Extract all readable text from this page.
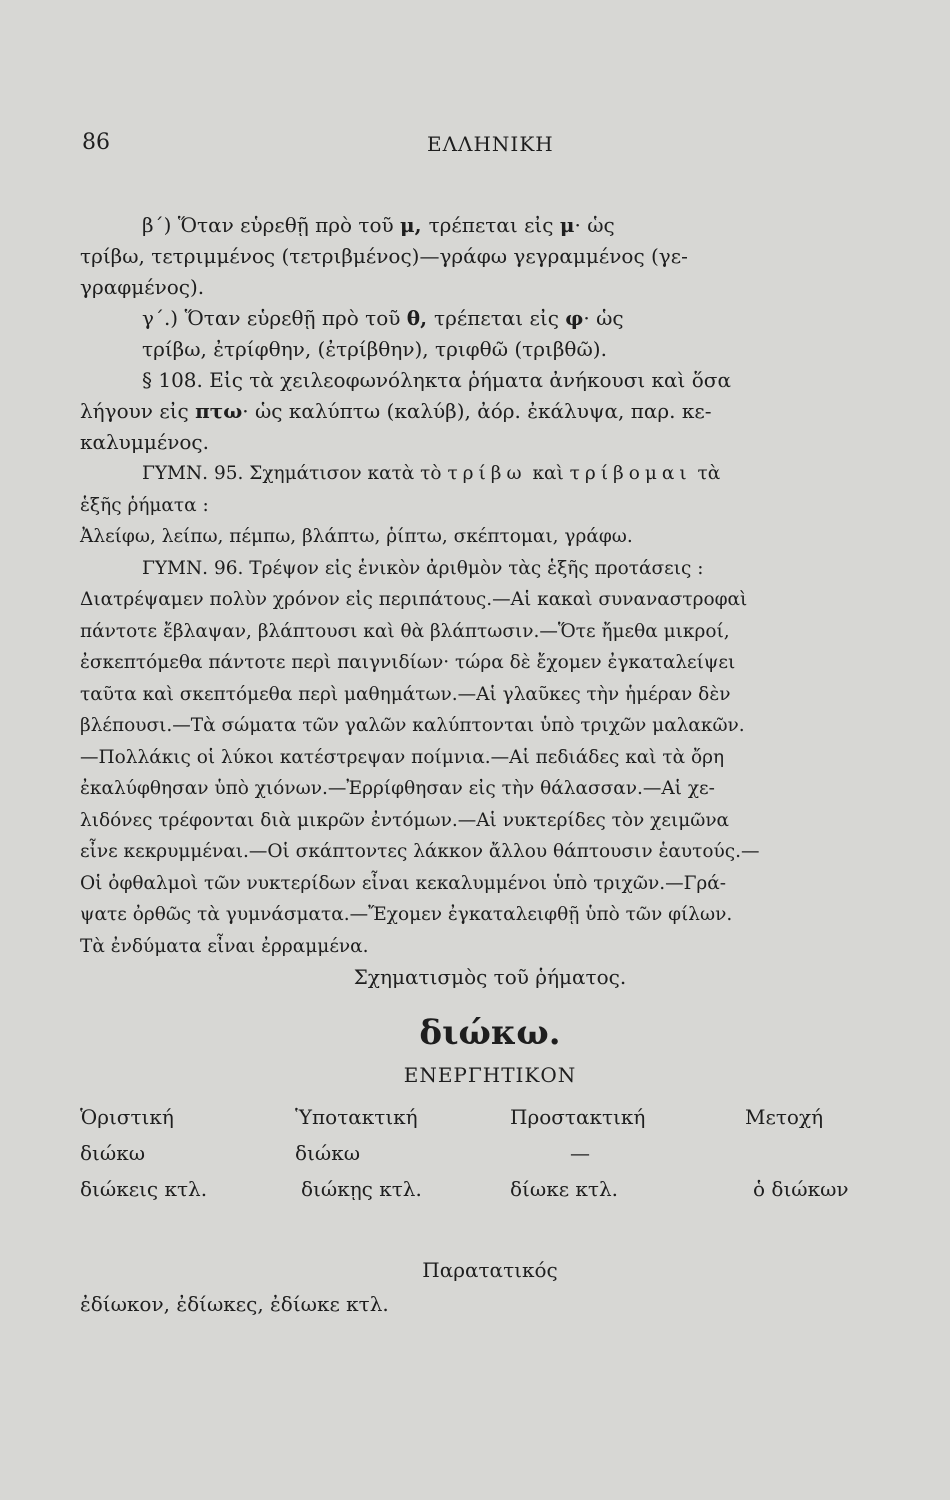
86	ΕΛΛΗΝΙΚΗ

β΄) Ὅταν εὑρεθῇ πρὸ τοῦ μ, τρέπεται εἰς μ· ὡς

τρίβω, τετριμμένος (τετριβμένος)—γράφω γεγραμμένος (γε-

γραφμένος).

γ΄.) Ὅταν εὑρεθῇ πρὸ τοῦ θ, τρέπεται εἰς φ· ὡς

τρίβω, ἐτρίφθην, (ἐτρίβθην), τριφθῶ (τριβθῶ).

§ 108. Εἰς τὰ χειλεοφωνόληκτα ῥήματα ἀνήκουσι καὶ ὅσα

λήγουν εἰς πτω· ὡς καλύπτω (καλύβ), ἀόρ. ἐκάλυψα, παρ. κε-

καλυμμένος.

ΓΥΜΝ. 95. Σχημάτισον κατὰ τὸ τρίβω καὶ τρίβομαι τὰ

ἑξῆς ῥήματα :

Ἀλείφω, λείπω, πέμπω, βλάπτω, ῥίπτω, σκέπτομαι, γράφω.

ΓΥΜΝ. 96. Τρέψον εἰς ἑνικὸν ἀριθμὸν τὰς ἑξῆς προτάσεις :

Διατρέψαμεν πολὺν χρόνον εἰς περιπάτους.—Αἱ κακαὶ συναναστροφαὶ

πάντοτε ἔβλαψαν, βλάπτουσι καὶ θὰ βλάπτωσιν.—Ὅτε ἤμεθα μικροί,

ἐσκεπτόμεθα πάντοτε περὶ παιγνιδίων· τώρα δὲ ἔχομεν ἐγκαταλείψει

ταῦτα καὶ σκεπτόμεθα περὶ μαθημάτων.—Αἱ γλαῦκες τὴν ἡμέραν δὲν

βλέπουσι.—Τὰ σώματα τῶν γαλῶν καλύπτονται ὑπὸ τριχῶν μαλακῶν.

—Πολλάκις οἱ λύκοι κατέστρεψαν ποίμνια.—Αἱ πεδιάδες καὶ τὰ ὄρη

ἐκαλύφθησαν ὑπὸ χιόνων.—Ἐρρίφθησαν εἰς τὴν θάλασσαν.—Αἱ χε-

λιδόνες τρέφονται διὰ μικρῶν ἐντόμων.—Αἱ νυκτερίδες τὸν χειμῶνα

εἶνε κεκρυμμέναι.—Οἱ σκάπτοντες λάκκον ἄλλου θάπτουσιν ἑαυτούς.—

Οἱ ὀφθαλμοὶ τῶν νυκτερίδων εἶναι κεκαλυμμένοι ὑπὸ τριχῶν.—Γρά-

ψατε ὀρθῶς τὰ γυμνάσματα.—Ἔχομεν ἐγκαταλειφθῇ ὑπὸ τῶν φίλων.

Τὰ ἐνδύματα εἶναι ἐρραμμένα.

Σχηματισμὸς τοῦ ῥήματος.

διώκω.
ΕΝΕΡΓΗΤΙΚΟΝ
Ὁριστική
διώκω
διώκεις κτλ.
Ὑποτακτική
διώκω
διώκῃς κτλ.
Προστακτική
—
δίωκε κτλ.
Μετοχή
ὁ διώκων
Παρατατικός
ἐδίωκον, ἐδίωκες, ἐδίωκε κτλ.
